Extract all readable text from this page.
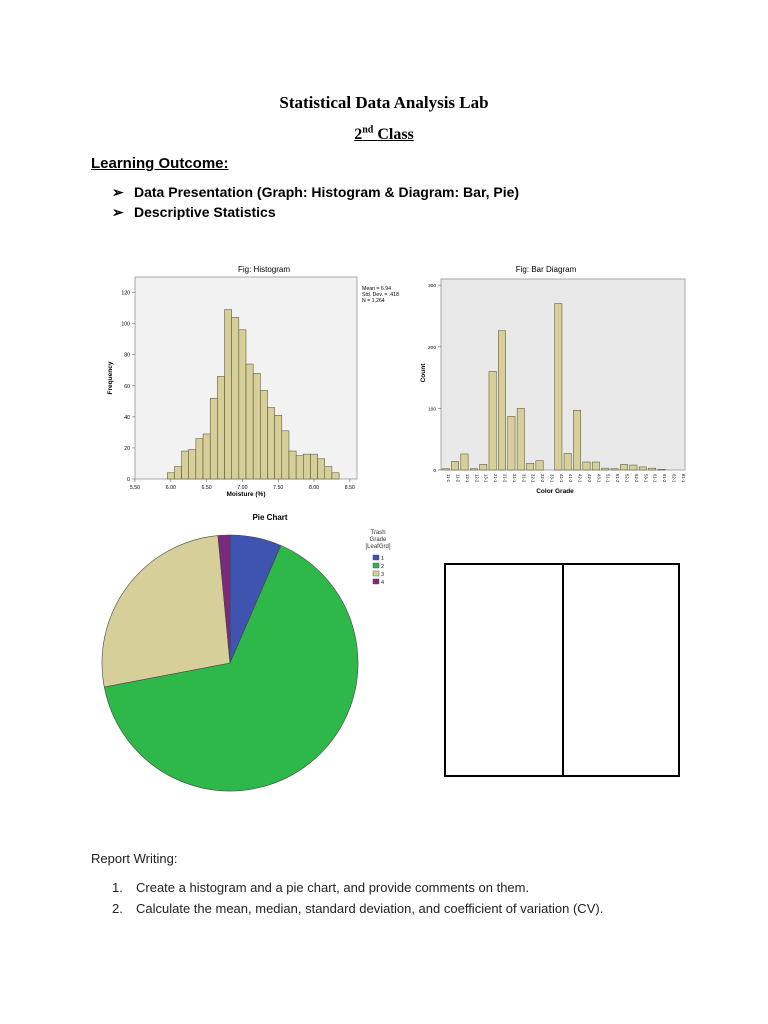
Statistical Data Analysis Lab
2nd Class
Learning Outcome:
➢ Data Presentation (Graph: Histogram & Diagram: Bar, Pie)
➢ Descriptive Statistics
Fig: Histogram
0
20
40
60
80
100
120
5.50	6.00	6.50	7.00	7.50	8.00	8.50
Mean = 6.94
Std. Dev. = .418
N = 1,264
Moisture (%)
Frequency
Fig: Bar Diagram
0
100
200
300
11-1 11-2 12-1 12-2 13-1 21-1 21-2 31-1 31-2 32-1 32-2 33-1 41-1 41-2 42-1 42-2 43-1 51-1 51-2 52-1 52-2 53-1 61-1 61-2 62-1 81-1
Color Grade
Count
Pie Chart
Trash
Grade
[LeafGrd]
1
2
3
4
Report Writing:
1. Create a histogram and a pie chart, and provide comments on them.
2. Calculate the mean, median, standard deviation, and coefficient of variation (CV).
